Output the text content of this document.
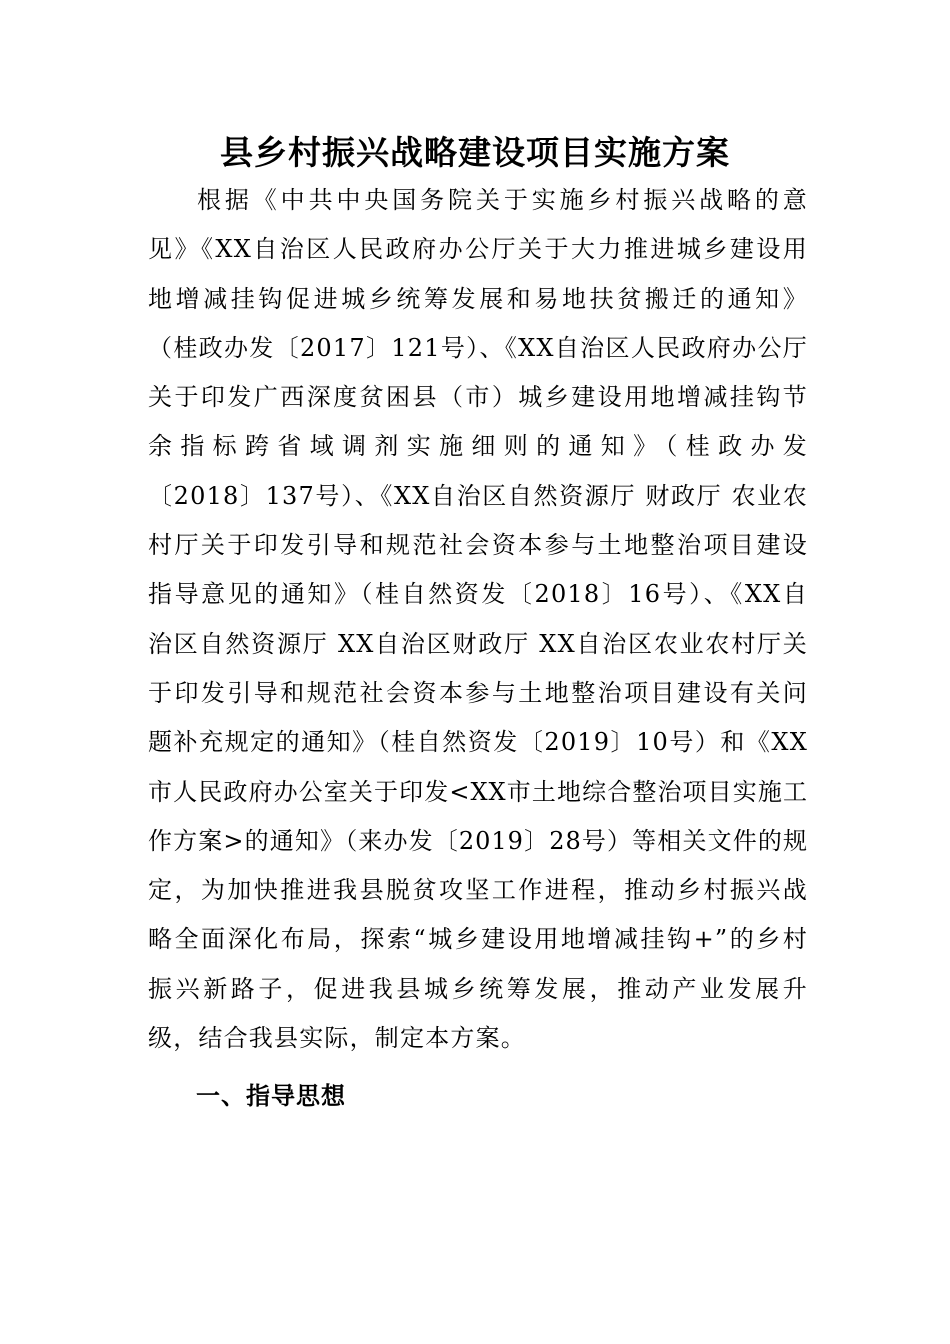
县乡村振兴战略建设项目实施方案
根据《中共中央国务院关于实施乡村振兴战略的意
见》《XX自治区人民政府办公厅关于大力推进城乡建设用
地增减挂钩促进城乡统筹发展和易地扶贫搬迁的通知》
（桂政办发〔2017〕121号）、《XX自治区人民政府办公厅
关于印发广西深度贫困县（市）城乡建设用地增减挂钩节
余指标跨省域调剂实施细则的通知》（桂政办发
〔2018〕137号）、《XX自治区自然资源厅 财政厅 农业农
村厅关于印发引导和规范社会资本参与土地整治项目建设
指导意见的通知》（桂自然资发〔2018〕16号）、《XX自
治区自然资源厅 XX自治区财政厅 XX自治区农业农村厅关
于印发引导和规范社会资本参与土地整治项目建设有关问
题补充规定的通知》（桂自然资发〔2019〕10号）和《XX
市人民政府办公室关于印发<XX市土地综合整治项目实施工
作方案>的通知》（来办发〔2019〕28号）等相关文件的规
定，为加快推进我县脱贫攻坚工作进程，推动乡村振兴战
略全面深化布局，探索“城乡建设用地增减挂钩+”的乡村
振兴新路子，促进我县城乡统筹发展，推动产业发展升
级，结合我县实际，制定本方案。
一、指导思想
